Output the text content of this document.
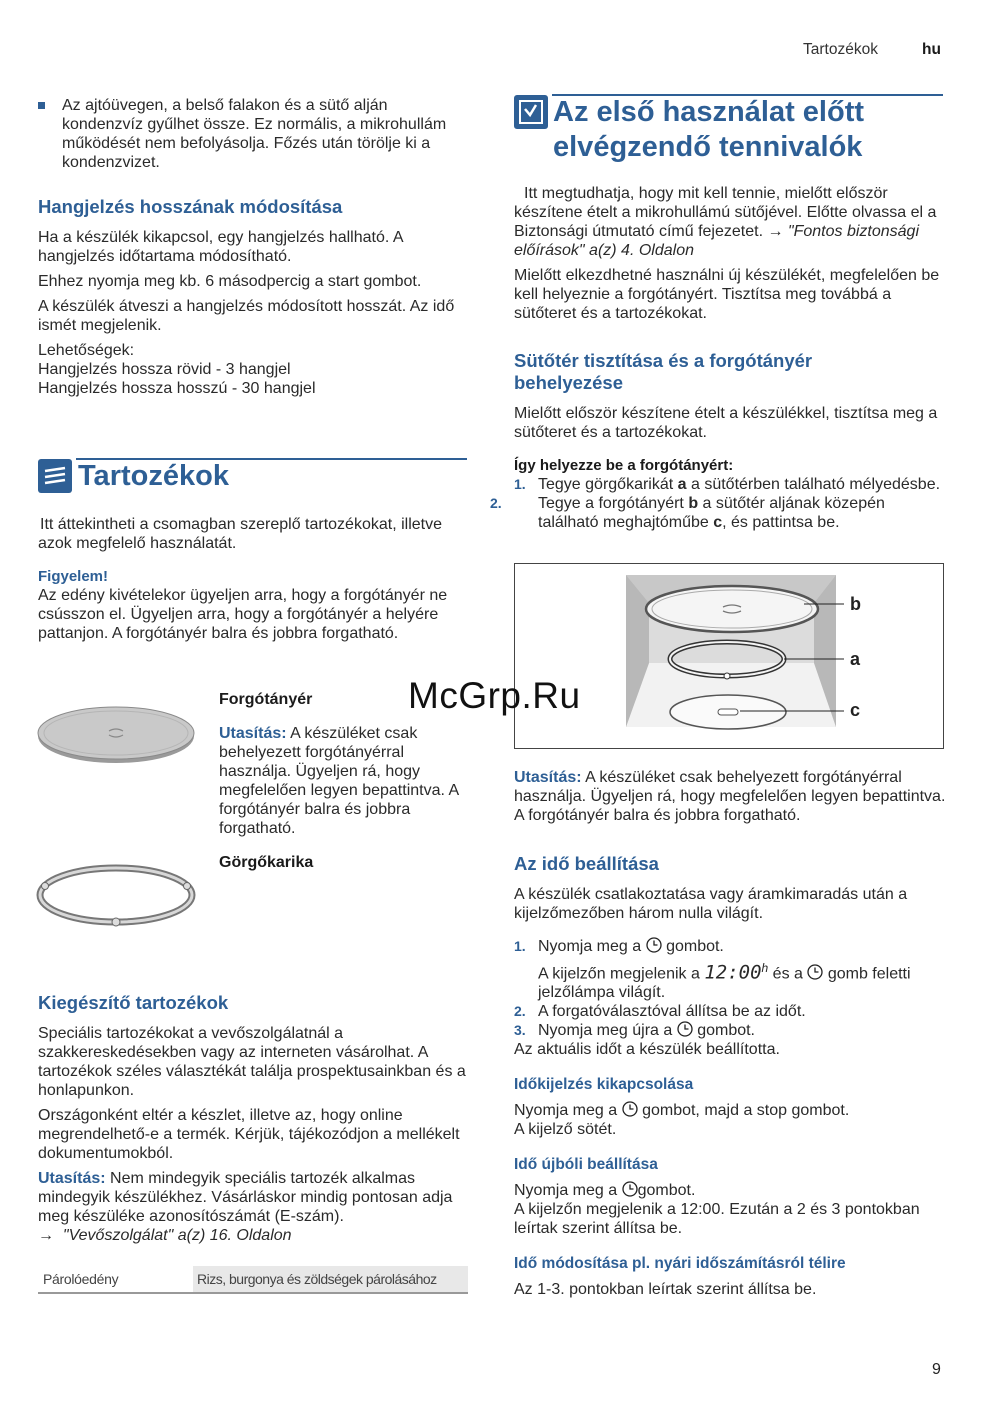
Tartozékok	hu

Az ajtóüvegen, a belső falakon és a sütő alján kondenzvíz gyűlhet össze. Ez normális, a mikrohullám működését nem befolyásolja. Főzés után törölje ki a kondenzvizet.

Hangjelzés hosszának módosítása

Ha a készülék kikapcsol, egy hangjelzés hallható. A hangjelzés időtartama módosítható.

Ehhez nyomja meg kb. 6 másodpercig a start gombot.

A készülék átveszi a hangjelzés módosított hosszát. Az idő ismét megjelenik.

Lehetőségek:

Hangjelzés hossza rövid - 3 hangjel

Hangjelzés hossza hosszú - 30 hangjel

Tartozékok

Itt áttekintheti a csomagban szereplő tartozékokat, illetve azok megfelelő használatát.

Figyelem!

Az edény kivételekor ügyeljen arra, hogy a forgótányér ne csússzon el. Ügyeljen arra, hogy a forgótányér a helyére pattanjon. A forgótányér balra és jobbra forgatható.

Forgótányér

Utasítás: A készüléket csak behelyezett forgótányérral használja. Ügyeljen rá, hogy megfelelően legyen bepattintva. A forgótányér balra és jobbra forgatható.

Görgőkarika
Kiegészítő tartozékok

Speciális tartozékokat a vevőszolgálatnál a szakkereskedésekben vagy az interneten vásárolhat. A tartozékok széles választékát találja prospektusainkban és a honlapunkon.

Országonként eltér a készlet, illetve az, hogy online megrendelhető-e a termék. Kérjük, tájékozódjon a mellékelt dokumentumokból.

Utasítás: Nem mindegyik speciális tartozék alkalmas mindegyik készülékhez. Vásárláskor mindig pontosan adja meg készüléke azonosítószámát (E-szám).

→ "Vevőszolgálat" a(z) 16. Oldalon

Párolóedény	Rizs, burgonya és zöldségek párolásához
Az első használat előtt elvégzendő tennivalók

Itt megtudhatja, hogy mit kell tennie, mielőtt először készítene ételt a mikrohullámú sütőjével. Előtte olvassa el a Biztonsági útmutató című fejezetet. → "Fontos biztonsági előírások" a(z) 4. Oldalon

Mielőtt elkezdhetné használni új készülékét, megfelelően be kell helyeznie a forgótányért. Tisztítsa meg továbbá a sütőteret és a tartozékokat.

Sütőtér tisztítása és a forgótányér behelyezése

Mielőtt először készítene ételt a készülékkel, tisztítsa meg a sütőteret és a tartozékokat.

Így helyezze be a forgótányért:

1. Tegye görgőkarikát a a sütőtérben található mélyedésbe.

2. Tegye a forgótányért b a sütőtér aljának közepén található meghajtóműbe c, és pattintsa be.

b
a
c

Utasítás: A készüléket csak behelyezett forgótányérral használja. Ügyeljen rá, hogy megfelelően legyen bepattintva. A forgótányér balra és jobbra forgatható.

Az idő beállítása

A készülék csatlakoztatása vagy áramkimaradás után a kijelzőmezőben három nulla világít.

1. Nyomja meg a gombot.

A kijelzőn megjelenik a 12:00$^h$ és a gomb feletti jelzőlámpa világít.

2. A forgatóválasztóval állítsa be az időt.

3. Nyomja meg újra a gombot.

Az aktuális időt a készülék beállította.

Időkijelzés kikapcsolása

Nyomja meg a gombot, majd a stop gombot.

A kijelző sötét.

Idő újbóli beállítása

Nyomja meg a gombot.

A kijelzőn megjelenik a 12:00. Ezután a 2 és 3 pontokban leírtak szerint állítsa be.

Idő módosítása pl. nyári időszámításról télire

Az 1-3. pontokban leírtak szerint állítsa be.

McGrp.Ru
9
